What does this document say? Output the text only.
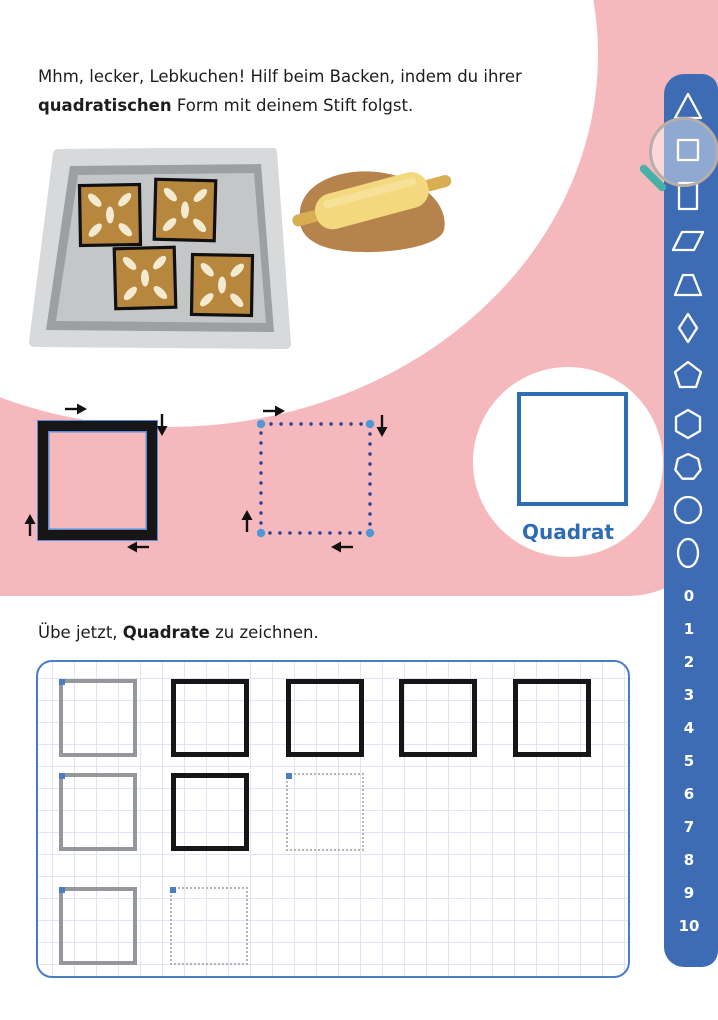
Mhm, lecker, Lebkuchen! Hilf beim Backen, indem du ihrer
quadratischen Form mit deinem Stift folgst.
Quadrat
Übe jetzt, Quadrate zu zeichnen.
0
1
2
3
4
5
6
7
8
9
10
